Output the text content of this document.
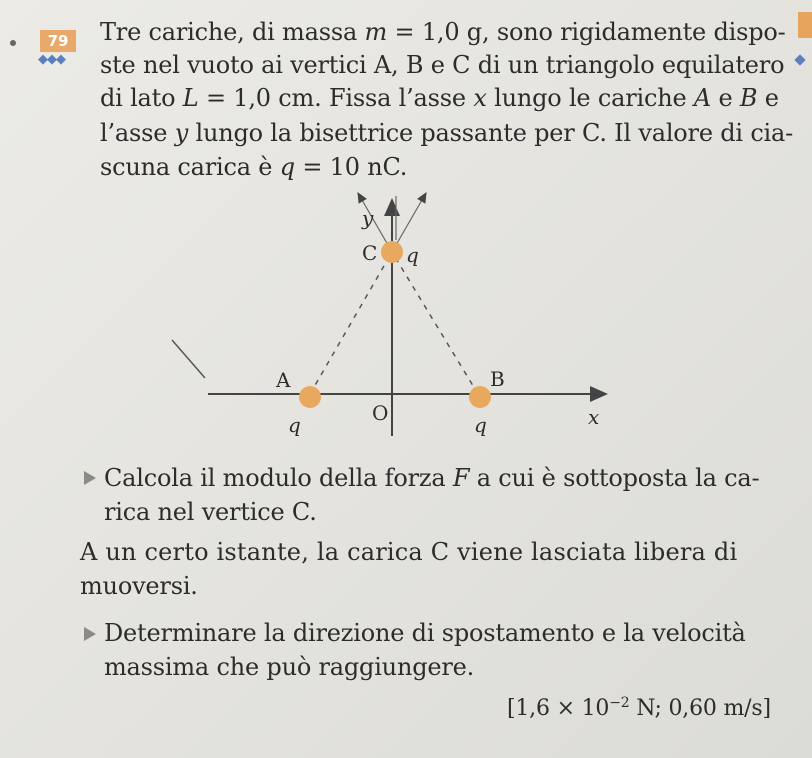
79
◆◆◆
Tre cariche, di massa m = 1,0 g, sono rigidamente dispo-
ste nel vuoto ai vertici A, B e C di un triangolo equilatero
di lato L = 1,0 cm. Fissa l’asse x lungo le cariche A e B e
l’asse y lungo la bisettrice passante per C. Il valore di cia-
scuna carica è q = 10 nC.
y
C q
A	B
O
q	q	x
Calcola il modulo della forza F a cui è sottoposta la ca-
rica nel vertice C.
A un certo istante, la carica C viene lasciata libera di
muoversi.
Determinare la direzione di spostamento e la velocità
massima che può raggiungere.
[$1,6 \times 10^{-2}$ N; 0,60 m/s]
